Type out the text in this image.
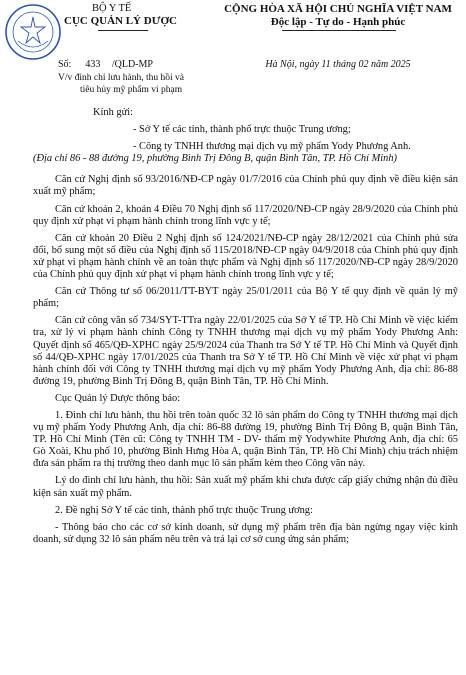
BỘ Y TẾ
CỤC QUẢN LÝ DƯỢC
Số: 433 /QLD-MP
V/v đình chỉ lưu hành, thu hồi và
tiêu hủy mỹ phẩm vi phạm
CỘNG HÒA XÃ HỘI CHỦ NGHĨA VIỆT NAM
Độc lập - Tự do - Hạnh phúc
Hà Nội, ngày 11 tháng 02 năm 2025

Kính gửi:

- Sở Y tế các tỉnh, thành phố trực thuộc Trung ương;

- Công ty TNHH thương mại dịch vụ mỹ phẩm Yody Phương Anh.

(Địa chỉ 86 - 88 đường 19, phường Bình Trị Đông B, quận Bình Tân, TP. Hồ Chí Minh)

Căn cứ Nghị định số 93/2016/NĐ-CP ngày 01/7/2016 của Chính phủ quy định về điều kiện sản xuất mỹ phẩm;

Căn cứ khoản 2, khoản 4 Điều 70 Nghị định số 117/2020/NĐ-CP ngày 28/9/2020 của Chính phủ quy định xử phạt vi phạm hành chính trong lĩnh vực y tế;

Căn cứ khoản 20 Điều 2 Nghị định số 124/2021/NĐ-CP ngày 28/12/2021 của Chính phủ sửa đổi, bổ sung một số điều của Nghị định số 115/2018/NĐ-CP ngày 04/9/2018 của Chính phủ quy định xử phạt vi phạm hành chính về an toàn thực phẩm và Nghị định số 117/2020/NĐ-CP ngày 28/9/2020 của Chính phủ quy định xử phạt vi phạm hành chính trong lĩnh vực y tế;

Căn cứ Thông tư số 06/2011/TT-BYT ngày 25/01/2011 của Bộ Y tế quy định về quản lý mỹ phẩm;

Căn cứ công văn số 734/SYT-TTra ngày 22/01/2025 của Sở Y tế TP. Hồ Chí Minh về việc kiểm tra, xử lý vi phạm hành chính Công ty TNHH thương mại dịch vụ mỹ phẩm Yody Phương Anh: Quyết định số 465/QĐ-XPHC ngày 25/9/2024 của Thanh tra Sở Y tế TP. Hồ Chí Minh và Quyết định số 44/QĐ-XPHC ngày 17/01/2025 của Thanh tra Sở Y tế TP. Hồ Chí Minh về việc xử phạt vi phạm hành chính đối với Công ty TNHH thương mại dịch vụ mỹ phẩm Yody Phương Anh, địa chỉ: 86-88 đường 19, phường Bình Trị Đông B, quận Bình Tân, TP. Hồ Chí Minh.

Cục Quản lý Dược thông báo:

1. Đình chỉ lưu hành, thu hồi trên toàn quốc 32 lô sản phẩm do Công ty TNHH thương mại dịch vụ mỹ phẩm Yody Phương Anh, địa chỉ: 86-88 đường 19, phường Bình Trị Đông B, quận Bình Tân, TP. Hồ Chí Minh (Tên cũ: Công ty TNHH TM - DV- thẩm mỹ Yodywhite Phương Anh, địa chỉ: 65 Gò Xoài, Khu phố 10, phường Bình Hưng Hòa A, quận Bình Tân, TP. Hồ Chí Minh) chịu trách nhiệm đưa sản phẩm ra thị trường theo danh mục lô sản phẩm kèm theo Công văn này.

Lý do đình chỉ lưu hành, thu hồi: Sản xuất mỹ phẩm khi chưa được cấp giấy chứng nhận đủ điều kiện sản xuất mỹ phẩm.

2. Đề nghị Sở Y tế các tỉnh, thành phố trực thuộc Trung ương:

- Thông báo cho các cơ sở kinh doanh, sử dụng mỹ phẩm trên địa bàn ngừng ngay việc kinh doanh, sử dụng 32 lô sản phẩm nêu trên và trả lại cơ sở cung ứng sản phẩm;
